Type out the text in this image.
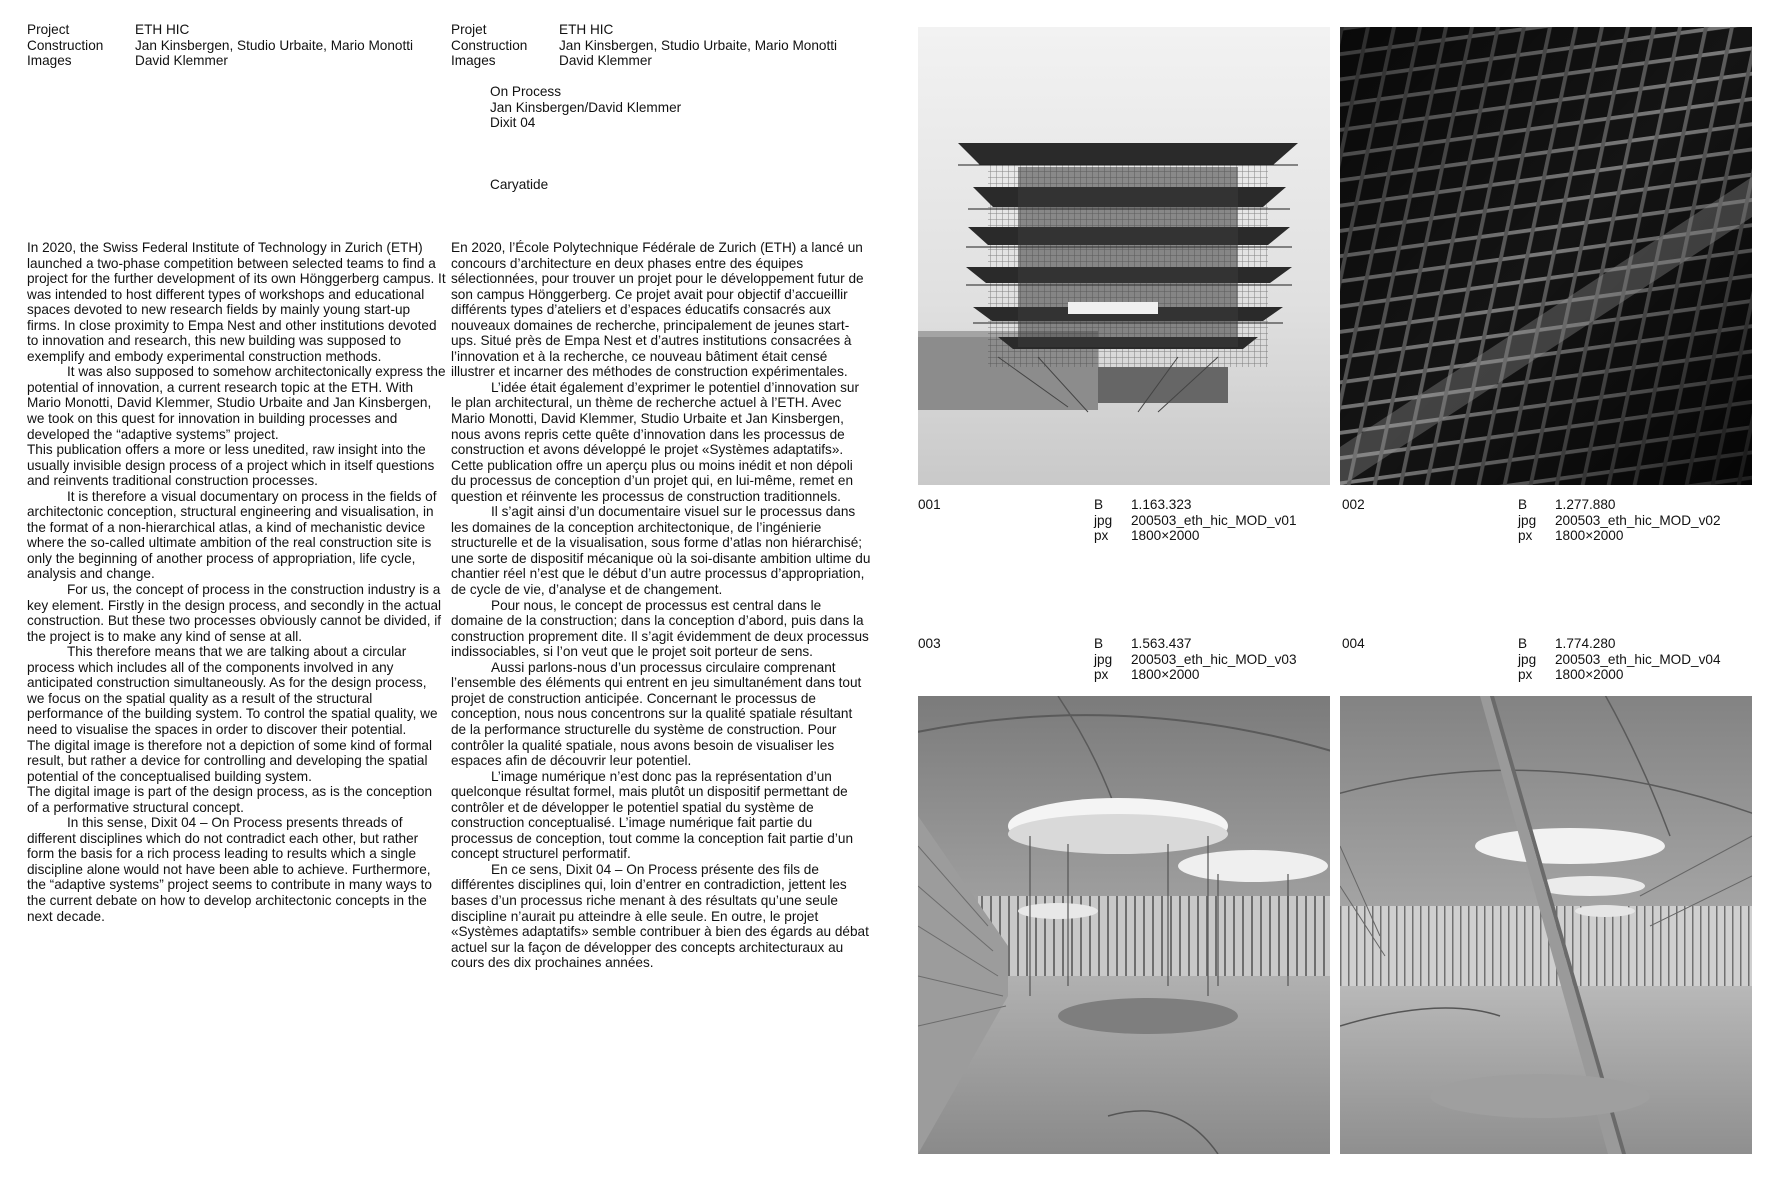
Project	ETH HIC
Construction	Jan Kinsbergen, Studio Urbaite, Mario Monotti
Images	David Klemmer
Projet	ETH HIC
Construction	Jan Kinsbergen, Studio Urbaite, Mario Monotti
Images	David Klemmer
On Process
Jan Kinsbergen/David Klemmer
Dixit 04
Caryatide

In 2020, the Swiss Federal Institute of Technology in Zurich (ETH) launched a two-phase competition between selected teams to find a project for the further development of its own Hönggerberg campus. It was intended to host different types of workshops and educational spaces devoted to new research fields by mainly young start-up firms. In close proximity to Empa Nest and other institutions devoted to innovation and research, this new building was supposed to exemplify and embody experimental construction methods.

It was also supposed to somehow architectonically express the potential of innovation, a current research topic at the ETH. With Mario Monotti, David Klemmer, Studio Urbaite and Jan Kinsbergen, we took on this quest for innovation in building processes and developed the “adaptive systems” project.

This publication offers a more or less unedited, raw insight into the usually invisible design process of a project which in itself questions and reinvents traditional construction processes.

It is therefore a visual documentary on process in the fields of architectonic conception, structural engineering and visualisation, in the format of a non-hierarchical atlas, a kind of mechanistic device where the so-called ultimate ambition of the real construction site is only the beginning of another process of appropriation, life cycle, analysis and change.

For us, the concept of process in the construction industry is a key element. Firstly in the design process, and secondly in the actual construction. But these two processes obviously cannot be divided, if the project is to make any kind of sense at all.

This therefore means that we are talking about a circular process which includes all of the components involved in any anticipated construction simultaneously. As for the design process, we focus on the spatial quality as a result of the structural performance of the building system. To control the spatial quality, we need to visualise the spaces in order to discover their potential.

The digital image is therefore not a depiction of some kind of formal result, but rather a device for controlling and developing the spatial potential of the conceptualised building system.

The digital image is part of the design process, as is the conception of a performative structural concept.

In this sense, Dixit 04 – On Process presents threads of different disciplines which do not contradict each other, but rather form the basis for a rich process leading to results which a single discipline alone would not have been able to achieve. Furthermore, the “adaptive systems” project seems to contribute in many ways to the current debate on how to develop architectonic concepts in the next decade.

En 2020, l’École Polytechnique Fédérale de Zurich (ETH) a lancé un concours d’architecture en deux phases entre des équipes sélectionnées, pour trouver un projet pour le développement futur de son campus Hönggerberg. Ce projet avait pour objectif d’accueillir différents types d’ateliers et d’espaces éducatifs consacrés aux nouveaux domaines de recherche, principalement de jeunes start-ups. Situé près de Empa Nest et d’autres institutions consacrées à l’innovation et à la recherche, ce nouveau bâtiment était censé illustrer et incarner des méthodes de construction expérimentales.

L’idée était également d’exprimer le potentiel d’innovation sur le plan architectural, un thème de recherche actuel à l’ETH. Avec Mario Monotti, David Klemmer, Studio Urbaite et Jan Kinsbergen, nous avons repris cette quête d’innovation dans les processus de construction et avons développé le projet «Systèmes adaptatifs». Cette publication offre un aperçu plus ou moins inédit et non dépoli du processus de conception d’un projet qui, en lui-même, remet en question et réinvente les processus de construction traditionnels.

Il s’agit ainsi d’un documentaire visuel sur le processus dans les domaines de la conception architectonique, de l’ingénierie structurelle et de la visualisation, sous forme d’atlas non hiérarchisé; une sorte de dispositif mécanique où la soi-disante ambition ultime du chantier réel n’est que le début d’un autre processus d’appropriation, de cycle de vie, d’analyse et de changement.

Pour nous, le concept de processus est central dans le domaine de la construction; dans la conception d’abord, puis dans la construction proprement dite. Il s’agit évidemment de deux processus indissociables, si l’on veut que le projet soit porteur de sens.

Aussi parlons-nous d’un processus circulaire comprenant l’ensemble des éléments qui entrent en jeu simultanément dans tout projet de construction anticipée. Concernant le processus de conception, nous nous concentrons sur la qualité spatiale résultant de la performance structurelle du système de construction. Pour contrôler la qualité spatiale, nous avons besoin de visualiser les espaces afin de découvrir leur potentiel.

L’image numérique n’est donc pas la représentation d’un quelconque résultat formel, mais plutôt un dispositif permettant de contrôler et de développer le potentiel spatial du système de construction conceptualisé. L’image numérique fait partie du processus de conception, tout comme la conception fait partie d’un concept structurel performatif.

En ce sens, Dixit 04 – On Process présente des fils de différentes disciplines qui, loin d’entrer en contradiction, jettent les bases d’un processus riche menant à des résultats qu’une seule discipline n’aurait pu atteindre à elle seule. En outre, le projet «Systèmes adaptatifs» semble contribuer à bien des égards au débat actuel sur la façon de développer des concepts architecturaux au cours des dix prochaines années.

001	B	1.163.323
jpg	200503_eth_hic_MOD_v01
px	1800×2000
002	B	1.277.880
jpg	200503_eth_hic_MOD_v02
px	1800×2000
003	B	1.563.437
jpg	200503_eth_hic_MOD_v03
px	1800×2000
004	B	1.774.280
jpg	200503_eth_hic_MOD_v04
px	1800×2000
